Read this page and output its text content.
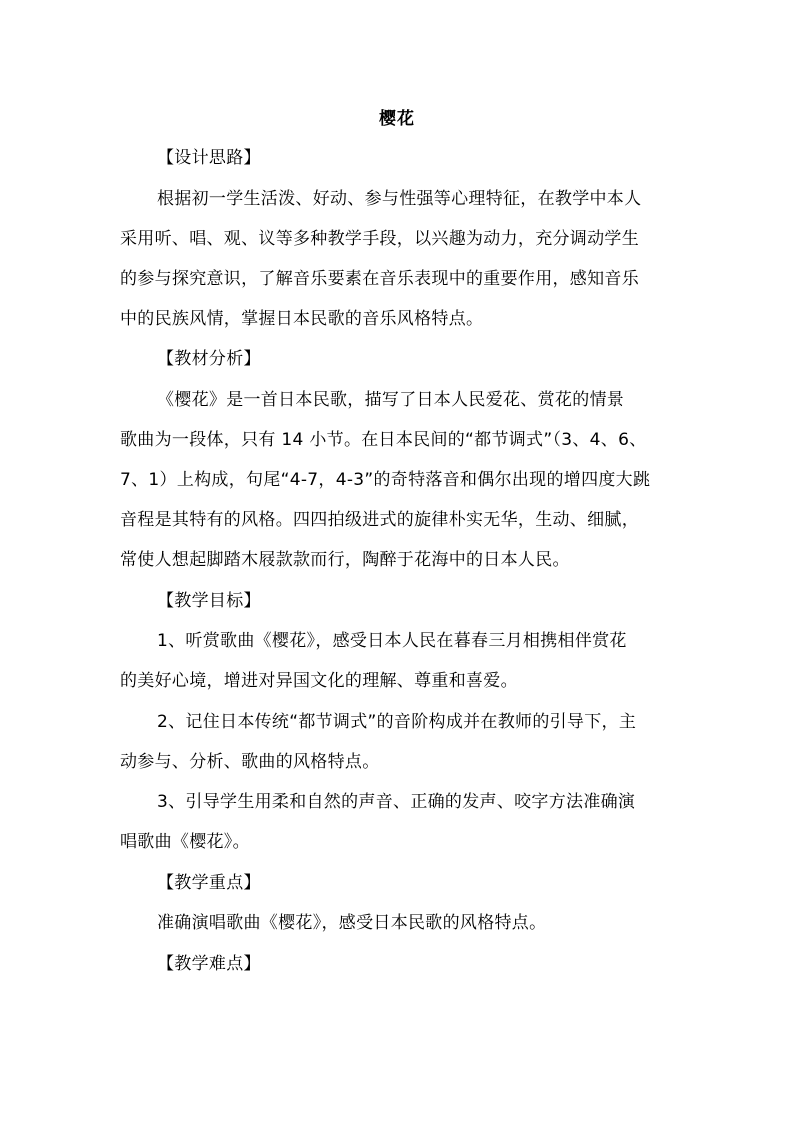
樱花
【设计思路】
根据初一学生活泼、好动、参与性强等心理特征，在教学中本人
采用听、唱、观、议等多种教学手段，以兴趣为动力，充分调动学生
的参与探究意识，了解音乐要素在音乐表现中的重要作用，感知音乐
中的民族风情，掌握日本民歌的音乐风格特点。
【教材分析】
《樱花》是一首日本民歌，描写了日本人民爱花、赏花的情景
歌曲为一段体，只有 14 小节。在日本民间的“都节调式”（3、4、6、
7、1）上构成，句尾“4-7，4-3”的奇特落音和偶尔出现的增四度大跳
音程是其特有的风格。四四拍级进式的旋律朴实无华，生动、细腻，
常使人想起脚踏木屐款款而行，陶醉于花海中的日本人民。
【教学目标】
1、听赏歌曲《樱花》，感受日本人民在暮春三月相携相伴赏花
的美好心境，增进对异国文化的理解、尊重和喜爱。
2、记住日本传统“都节调式”的音阶构成并在教师的引导下，主
动参与、分析、歌曲的风格特点。
3、引导学生用柔和自然的声音、正确的发声、咬字方法准确演
唱歌曲《樱花》。
【教学重点】
准确演唱歌曲《樱花》，感受日本民歌的风格特点。
【教学难点】
